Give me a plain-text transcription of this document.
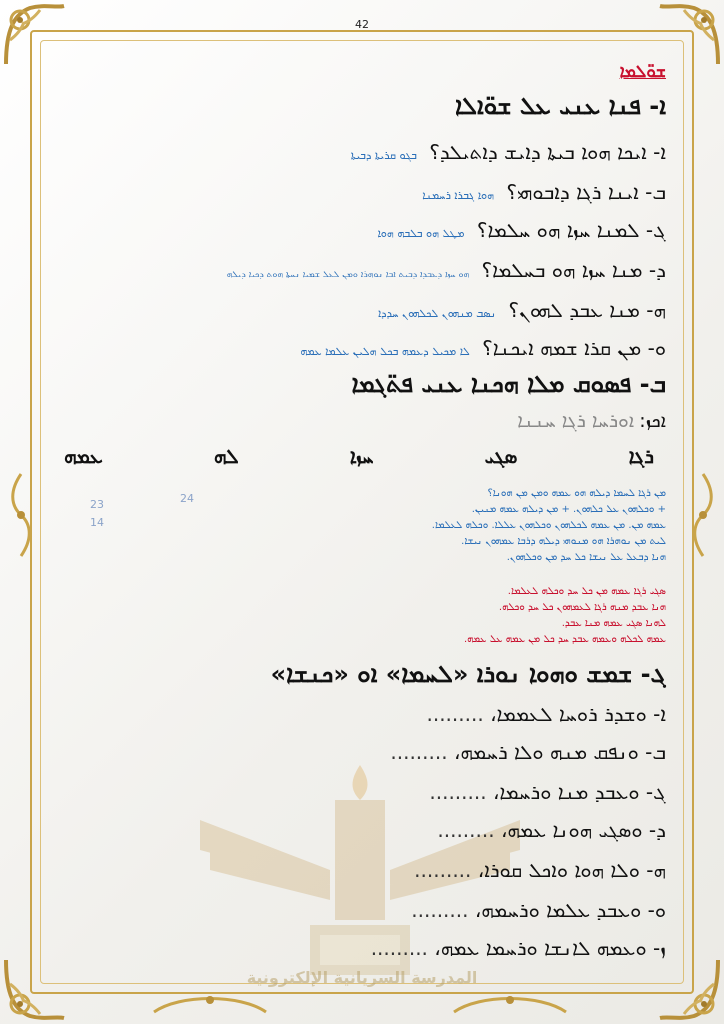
42
ܫܘ̈ܠܡܐ
ܐ- ܦܢܐ ܥܢܝ ܥܠ ܫܘ̈ܐܠܐ
ܐ- ܐܝܟܐ ܗܘܐ ܒܝܬܐ ܕܐܝܫ ܕܐܬܝܠܕ؟ ܒܓܘ ܩܪܝܬܐ ܕܒܝܬܐ
ܒ- ܐܝܢܐ ܪܓܐ ܕܐܒܘܗܝ؟ ܗܘܐ ܓܒܪܐ ܪܚܡܢܐ
ܓ- ܠܡܢܐ ܚܙܐ ܗܘ ܚܠܡܐ؟ ܡܛܠ ܗܘ ܒܠܒܗ ܗܘܐ
ܕ- ܡܢܐ ܚܙܐ ܗܘ ܒܚܠܡܐ؟ ܗܘ ܚܙܐ ܕܥܒܕܐ ܕܒܝܬ ܐܒܐ ܢܘܗܪܐ ܘܡܢ ܠܥܠ ܫܡܝܐ ܢܚܬܐ ܗܘܬ ܕܟܝܐ ܕܝܠܗ
ܗ- ܡܢܐ ܥܒܕ ܠܗܘܢ؟ ܢܣܒ ܡܢܗܘܢ ܠܟܠܗܘܢ ܚܕܕܐ
ܘ- ܡܢ ܩܪܐ ܫܡܗ ܐܝܟܢܐ؟ ܠܐ ܡܟܝܠ ܕܥܡܗ ܒܟܠ ܗܠܝܢ ܥܠܡܐ ܥܡܗ
ܒ- ܦܣܘܩ ܡܠܐ ܗܟܢܐ ܥܢܝ ܦܬ̈ܓܡܐ
ܐܟܙ: ܐܘܪܚܐ ܪܓܐ ܚܢܢܐ
ܪܓܐ
ܣܓܝ
ܚܙܐ
ܠܗ
ܥܡܗ
ܡܢ ܪܓܐ ܠܚܡܐ ܕܝܠܗ ܗܘ ܥܡܗ ܘܡܢ ܡܢ ܗܘܢܐ؟
+ ܘܟܠܗܘܢ ܥܠ ܟܠܗܘܢ. + ܡܢ ܕܝܠܗ ܥܡܗ ܡܢܝܢ.
ܥܡܗ ܡܢ. ܡܢ ܥܡܗ ܠܟܠܗܘܢ ܘܟܠܗܘܢ ܥܠܠܐ. ܘܟܠܗ ܠܥܠܡܐ.
ܠܝܬ ܡܢ ܢܘܗܪܐ ܗܘ ܡܢܘܗܝ ܕܝܠܗ ܕܪܒܐ ܥܡܗܘܢ ܢܝܫܐ.
ܗܢܐ ܕܒܥܠ ܥܠ ܢܝܫܐ ܟܠ ܚܕ ܡܢ ܘܟܠܗܘܢ.
23	24
14
ܣܓܝ ܪܓܐ ܥܡܗ ܡܢ ܟܠ ܚܕ ܘܟܠܗ ܠܥܠܡܐ.
ܗܢܐ ܥܒܕ ܡܢܗ ܪܓܐ ܠܥܡܗܘܢ ܟܠ ܚܕ ܘܟܠܗ.
ܠܗܢܐ ܣܓܝ ܥܡܗ ܡܢܐ ܥܒܕ.
ܥܡܗ ܠܟܠܗ ܘܥܡܗ ܥܒܕ ܚܕ ܟܠ ܡܢ ܥܡܗ ܥܠ ܥܡܗ.
ܓ- ܫܡܫ ܘܗܘܐ ܢܘܪܐ «ܠܚܡܐ» ܐܘ «ܟܢܫܐ»
ܐ- ܘܫܕܪ ܪܘܚܐ ܠܥܡܡܐ، .........
ܒ- ܘܢܦܩ ܡܢܗ ܘܠܐ ܪܚܡܗ، .........
ܓ- ܘܥܒܕ ܡܢܐ ܘܪܚܡܐ، .........
ܕ- ܘܣܓܝ ܗܘܢܐ ܥܡܗ، .........
ܗ- ܘܠܐ ܗܘܐ ܘܐܟܠ ܩܘܪܐ، .........
ܘ- ܘܥܒܕ ܥܠܡܐ ܘܪܚܡܗ، .........
ܙ- ܘܥܡܗ ܠܐܢܫܐ ܘܪܚܡܐ ܥܡܗ، .........
المدرسة السريانية الإلكترونية
